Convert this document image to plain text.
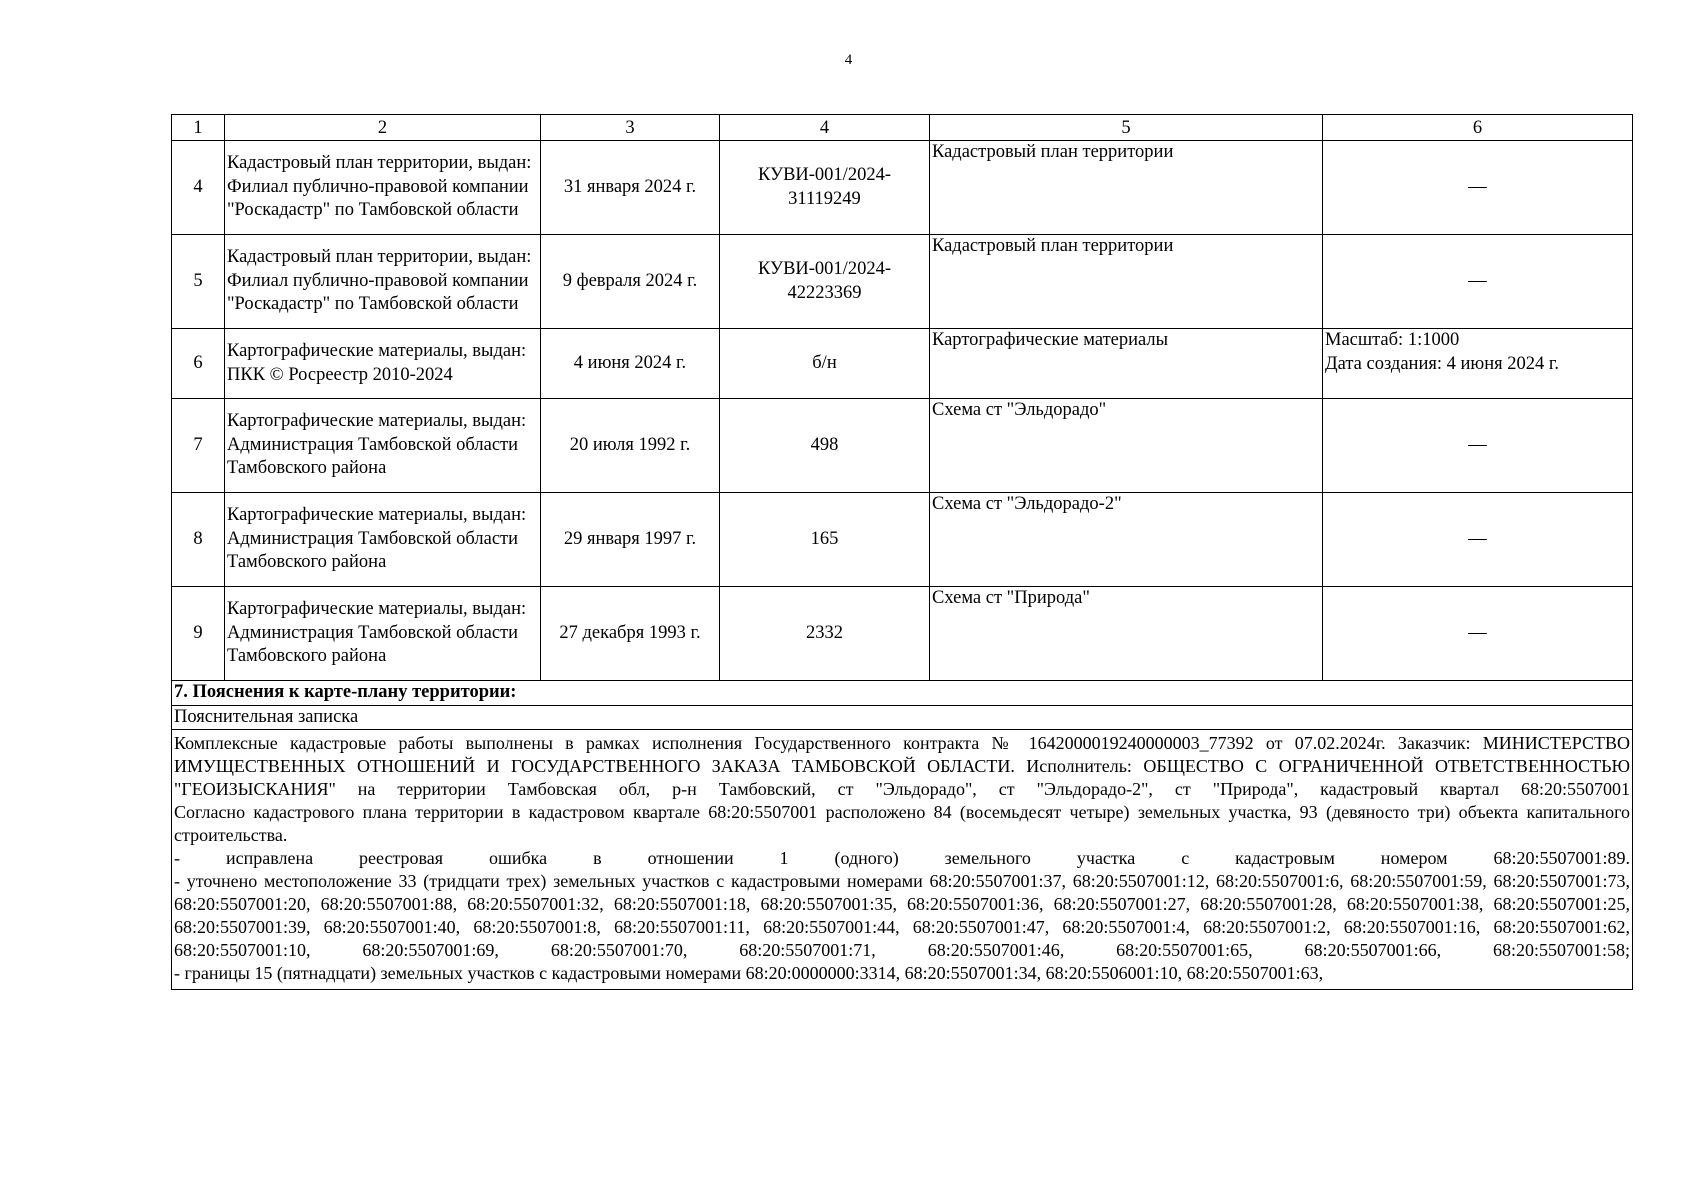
4
1	2	3	4	5	6
4	Кадастровый план территории, выдан: Филиал публично-правовой компании "Роскадастр" по Тамбовской области	31 января 2024 г.	КУВИ-001/2024-31119249	Кадастровый план территории	—
5	Кадастровый план территории, выдан: Филиал публично-правовой компании "Роскадастр" по Тамбовской области	9 февраля 2024 г.	КУВИ-001/2024-42223369	Кадастровый план территории	—
6	Картографические материалы, выдан: ПКК © Росреестр 2010-2024	4 июня 2024 г.	б/н	Картографические материалы	Масштаб: 1:1000
Дата создания: 4 июня 2024 г.

7	Картографические материалы, выдан: Администрация Тамбовской области Тамбовского района	20 июля 1992 г.	498	Схема ст "Эльдорадо"	—
8	Картографические материалы, выдан: Администрация Тамбовской области Тамбовского района	29 января 1997 г.	165	Схема ст "Эльдорадо-2"	—
9	Картографические материалы, выдан: Администрация Тамбовской области Тамбовского района	27 декабря 1993 г.	2332	Схема ст "Природа"	—
7. Пояснения к карте-плану территории:					
Пояснительная записка					

Комплексные кадастровые работы выполнены в рамках исполнения Государственного контракта № 1642000019240000003_77392 от 07.02.2024г. Заказчик: МИНИСТЕРСТВО ИМУЩЕСТВЕННЫХ ОТНОШЕНИЙ И ГОСУДАРСТВЕННОГО ЗАКАЗА ТАМБОВСКОЙ ОБЛАСТИ. Исполнитель: ОБЩЕСТВО С ОГРАНИЧЕННОЙ ОТВЕТСТВЕННОСТЬЮ "ГЕОИЗЫСКАНИЯ" на территории Тамбовская обл, р-н Тамбовский, ст "Эльдорадо", ст "Эльдорадо-2", ст "Природа", кадастровый квартал 68:20:5507001

Согласно кадастрового плана территории в кадастровом квартале 68:20:5507001 расположено 84 (восемьдесят четыре) земельных участка, 93 (девяносто три) объекта капитального строительства.

- исправлена реестровая ошибка в отношении 1 (одного) земельного участка с кадастровым номером 68:20:5507001:89.

- уточнено местоположение 33 (тридцати трех) земельных участков с кадастровыми номерами 68:20:5507001:37, 68:20:5507001:12, 68:20:5507001:6, 68:20:5507001:59, 68:20:5507001:73, 68:20:5507001:20, 68:20:5507001:88, 68:20:5507001:32, 68:20:5507001:18, 68:20:5507001:35, 68:20:5507001:36, 68:20:5507001:27, 68:20:5507001:28, 68:20:5507001:38, 68:20:5507001:25, 68:20:5507001:39, 68:20:5507001:40, 68:20:5507001:8, 68:20:5507001:11, 68:20:5507001:44, 68:20:5507001:47, 68:20:5507001:4, 68:20:5507001:2, 68:20:5507001:16, 68:20:5507001:62, 68:20:5507001:10, 68:20:5507001:69, 68:20:5507001:70, 68:20:5507001:71, 68:20:5507001:46, 68:20:5507001:65, 68:20:5507001:66, 68:20:5507001:58;

- границы 15 (пятнадцати) земельных участков с кадастровыми номерами 68:20:0000000:3314, 68:20:5507001:34, 68:20:5506001:10, 68:20:5507001:63,					
